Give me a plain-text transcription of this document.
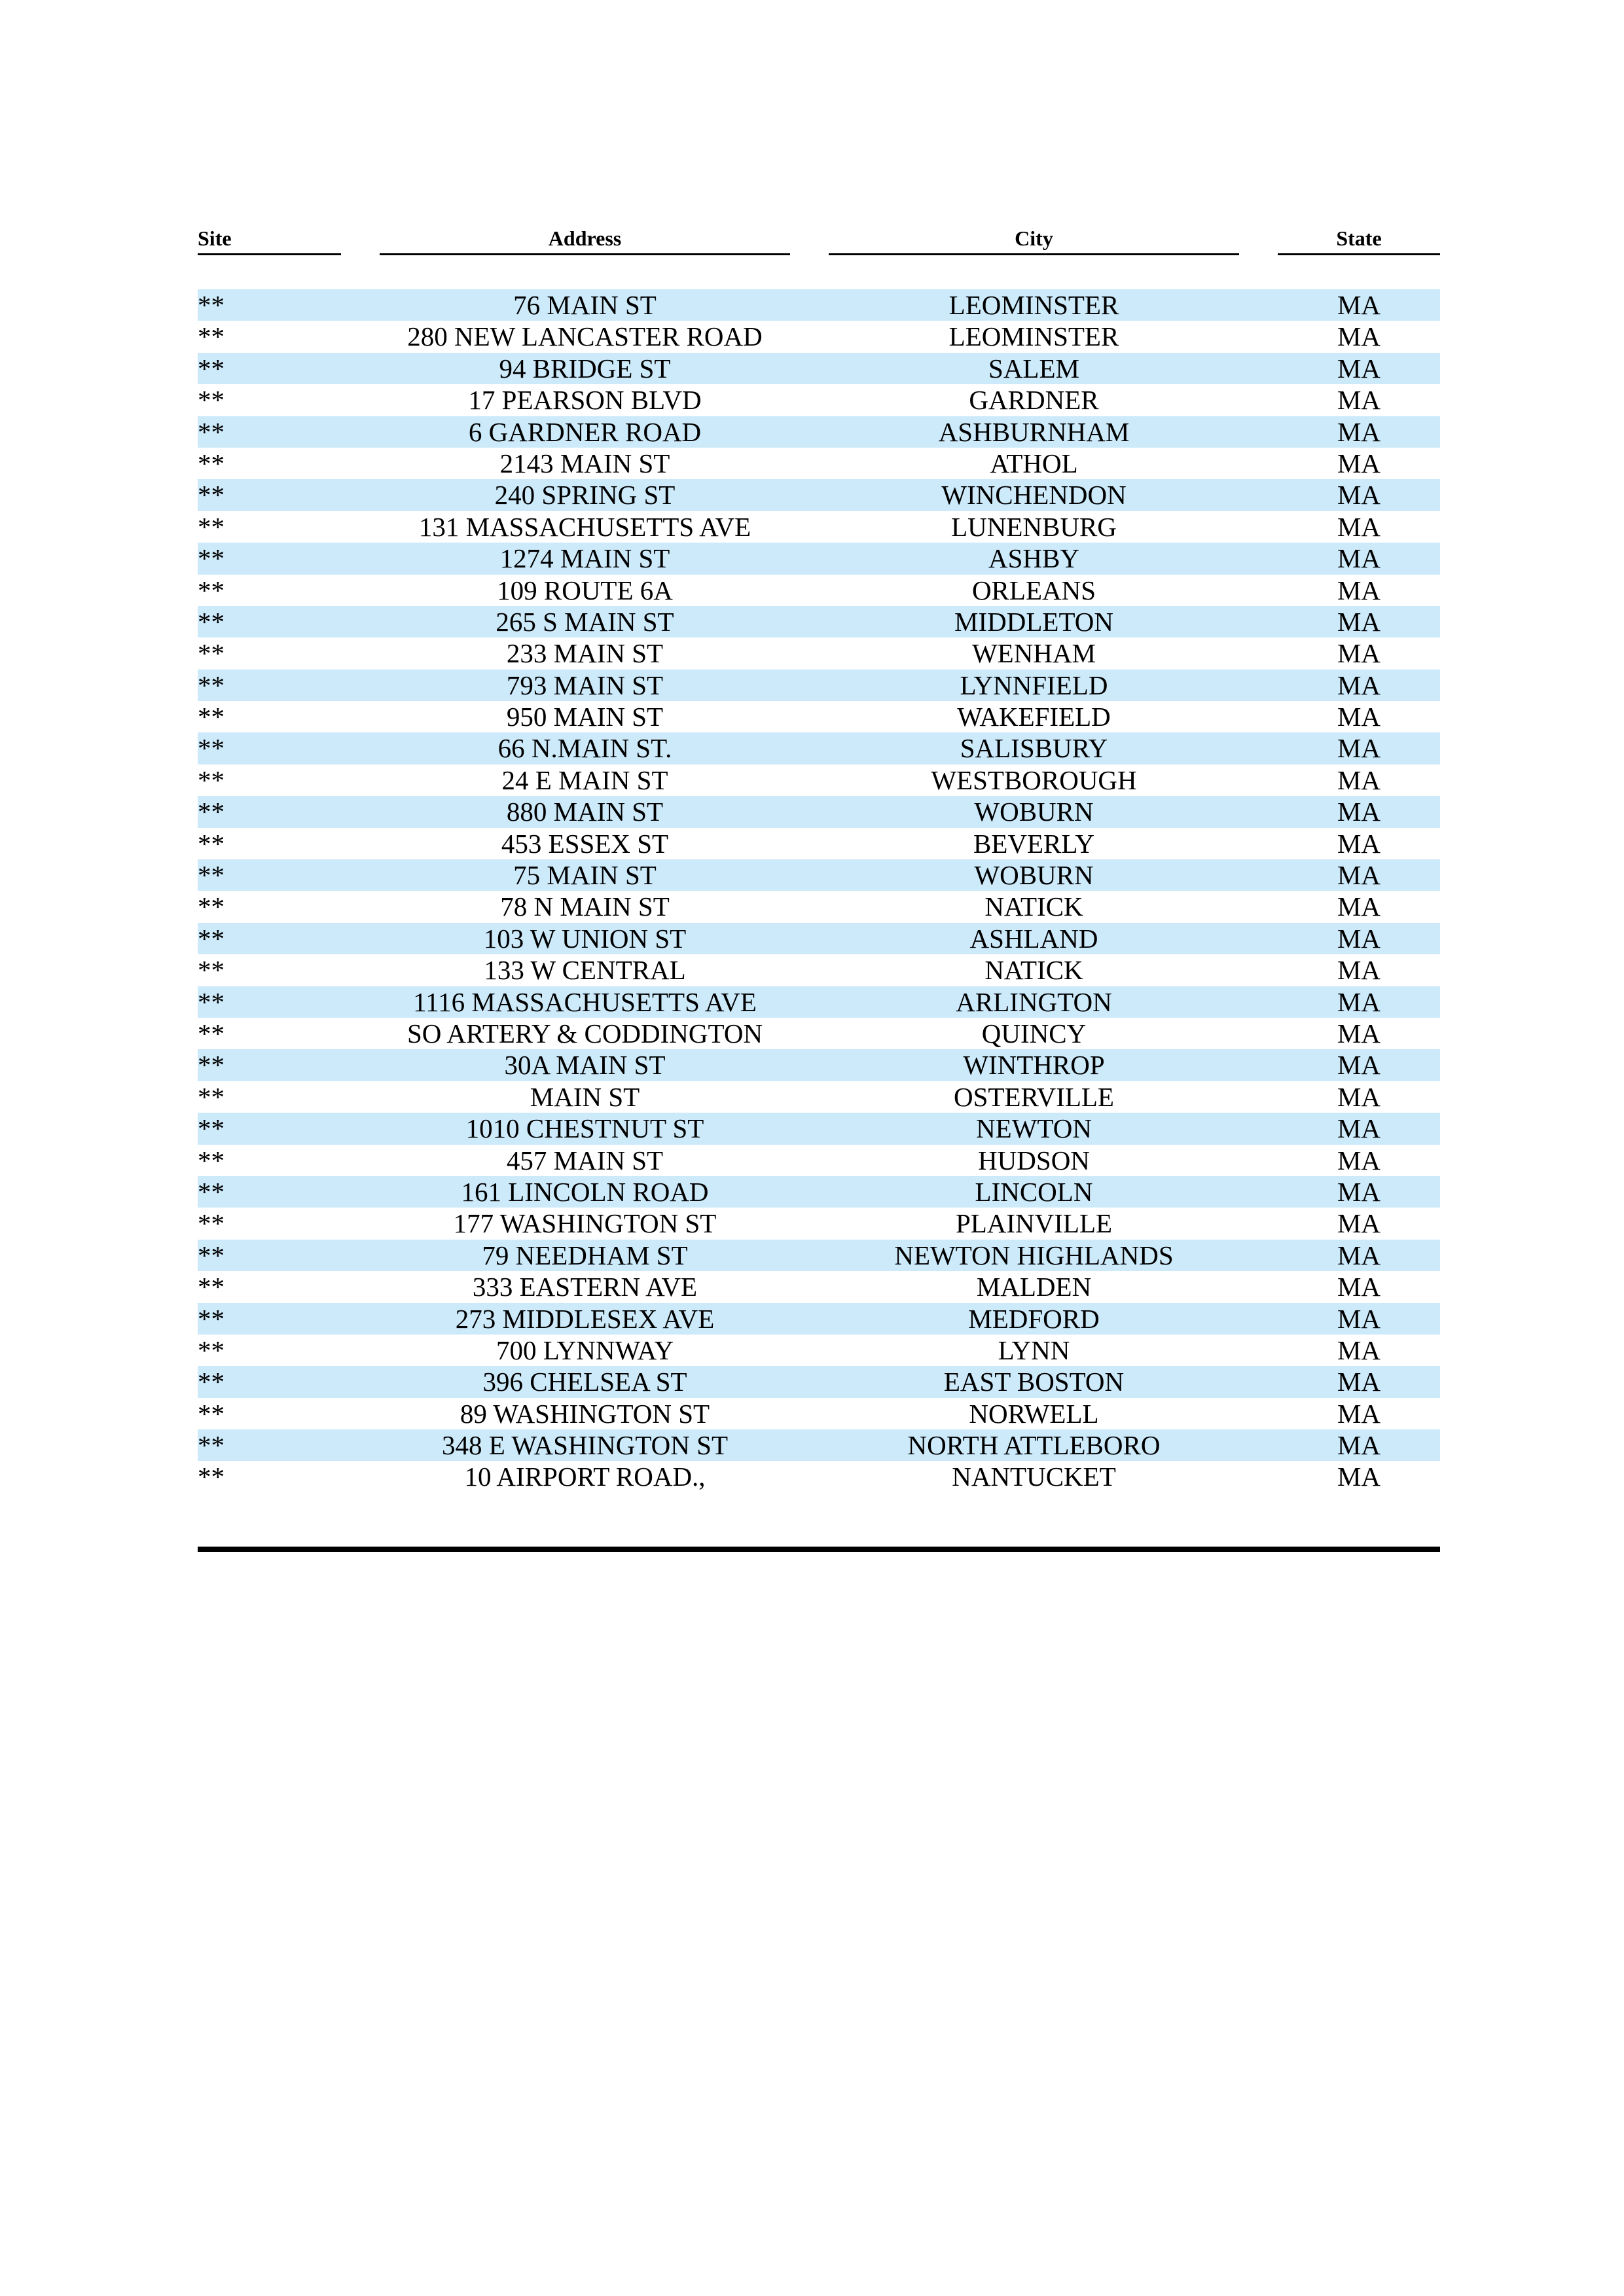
Site	Address	City	State
**	76 MAIN ST	LEOMINSTER	MA
**	280 NEW LANCASTER ROAD	LEOMINSTER	MA
**	94 BRIDGE ST	SALEM	MA
**	17 PEARSON BLVD	GARDNER	MA
**	6 GARDNER ROAD	ASHBURNHAM	MA
**	2143 MAIN ST	ATHOL	MA
**	240 SPRING ST	WINCHENDON	MA
**	131 MASSACHUSETTS AVE	LUNENBURG	MA
**	1274 MAIN ST	ASHBY	MA
**	109 ROUTE 6A	ORLEANS	MA
**	265 S MAIN ST	MIDDLETON	MA
**	233 MAIN ST	WENHAM	MA
**	793 MAIN ST	LYNNFIELD	MA
**	950 MAIN ST	WAKEFIELD	MA
**	66 N.MAIN ST.	SALISBURY	MA
**	24 E MAIN ST	WESTBOROUGH	MA
**	880 MAIN ST	WOBURN	MA
**	453 ESSEX ST	BEVERLY	MA
**	75 MAIN ST	WOBURN	MA
**	78 N MAIN ST	NATICK	MA
**	103 W UNION ST	ASHLAND	MA
**	133 W CENTRAL	NATICK	MA
**	1116 MASSACHUSETTS AVE	ARLINGTON	MA
**	SO ARTERY & CODDINGTON	QUINCY	MA
**	30A MAIN ST	WINTHROP	MA
**	MAIN ST	OSTERVILLE	MA
**	1010 CHESTNUT ST	NEWTON	MA
**	457 MAIN ST	HUDSON	MA
**	161 LINCOLN ROAD	LINCOLN	MA
**	177 WASHINGTON ST	PLAINVILLE	MA
**	79 NEEDHAM ST	NEWTON HIGHLANDS	MA
**	333 EASTERN AVE	MALDEN	MA
**	273 MIDDLESEX AVE	MEDFORD	MA
**	700 LYNNWAY	LYNN	MA
**	396 CHELSEA ST	EAST BOSTON	MA
**	89 WASHINGTON ST	NORWELL	MA
**	348 E WASHINGTON ST	NORTH ATTLEBORO	MA
**	10 AIRPORT ROAD.,	NANTUCKET	MA
